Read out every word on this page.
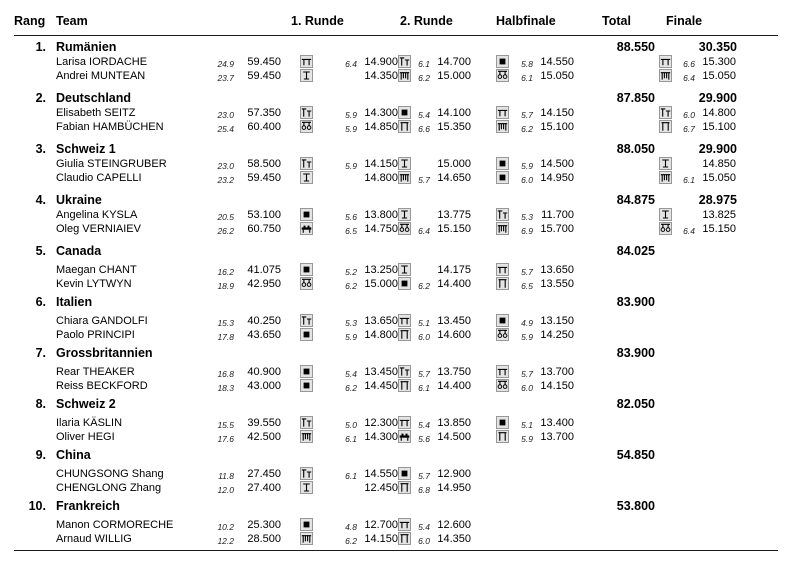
Rang Team	1. Runde	2. Runde	Halbfinale	Total	Finale
1. Rumänien	88.550	30.350
Larisa IORDACHE	24.9	59.450	6.4 14.900	6.1 14.700	5.8 14.550	6.6 15.300
Andrei MUNTEAN	23.7	59.450	14.350	6.2 15.000	6.1 15.050	6.4 15.050
2. Deutschland	87.850	29.900
Elisabeth SEITZ	23.0	57.350	5.9 14.300	5.4 14.100	5.7 14.150	6.0 14.800
Fabian HAMBÜCHEN	25.4	60.400	5.9 14.850	6.6 15.350	6.2 15.100	6.7 15.100
3. Schweiz 1	88.050	29.900
Giulia STEINGRUBER	23.0	58.500	5.9 14.150	15.000	5.9 14.500	14.850
Claudio CAPELLI	23.2	59.450	14.800	5.7 14.650	6.0 14.950	6.1 15.050
4. Ukraine	84.875	28.975
Angelina KYSLA	20.5	53.100	5.6 13.800	13.775	5.3 11.700	13.825
Oleg VERNIAIEV	26.2	60.750	6.5 14.750	6.4 15.150	6.9 15.700	6.4 15.150
5. Canada	84.025
Maegan CHANT	16.2	41.075	5.2 13.250	14.175	5.7 13.650
Kevin LYTWYN	18.9	42.950	6.2 15.000	6.2 14.400	6.5 13.550
6. Italien	83.900
Chiara GANDOLFI	15.3	40.250	5.3 13.650	5.1 13.450	4.9 13.150
Paolo PRINCIPI	17.8	43.650	5.9 14.800	6.0 14.600	5.9 14.250
7. Grossbritannien	83.900
Rear THEAKER	16.8	40.900	5.4 13.450	5.7 13.750	5.7 13.700
Reiss BECKFORD	18.3	43.000	6.2 14.450	6.1 14.400	6.0 14.150
8. Schweiz 2	82.050
Ilaria KÄSLIN	15.5	39.550	5.0 12.300	5.4 13.850	5.1 13.400
Oliver HEGI	17.6	42.500	6.1 14.300	5.6 14.500	5.9 13.700
9. China	54.850
CHUNGSONG Shang	11.8	27.450	6.1 14.550	5.7 12.900
CHENGLONG Zhang	12.0	27.400	12.450	6.8 14.950
10. Frankreich	53.800
Manon CORMORECHE	10.2	25.300	4.8 12.700	5.4 12.600
Arnaud WILLIG	12.2	28.500	6.2 14.150	6.0 14.350
